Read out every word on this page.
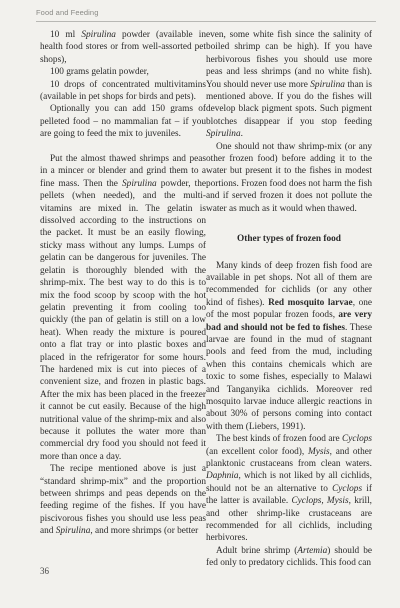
Food and Feeding

10 ml Spirulina powder (available in health food stores or from well-assorted pet shops),

100 grams gelatin powder,

10 drops of concentrated multivitamins (available in pet shops for birds and pets).

Optionally you can add 150 grams of pelleted food – no mammalian fat – if you are going to feed the mix to juveniles.

Put the almost thawed shrimps and peas in a mincer or blender and grind them to a fine mass. Then the Spirulina powder, the pellets (when needed), and the multi-vitamins are mixed in. The gelatin is dissolved according to the instructions on the packet. It must be an easily flowing, sticky mass without any lumps. Lumps of gelatin can be dangerous for juveniles. The gelatin is thoroughly blended with the shrimp-mix. The best way to do this is to mix the food scoop by scoop with the hot gelatin preventing it from cooling too quickly (the pan of gelatin is still on a low heat). When ready the mixture is poured onto a flat tray or into plastic boxes and placed in the refrigerator for some hours. The hardened mix is cut into pieces of a convenient size, and frozen in plastic bags. After the mix has been placed in the freezer it cannot be cut easily. Because of the high nutritional value of the shrimp-mix and also because it pollutes the water more than commercial dry food you should not feed it more than once a day.

The recipe mentioned above is just a “standard shrimp-mix” and the proportion between shrimps and peas depends on the feeding regime of the fishes. If you have piscivorous fishes you should use less peas and Spirulina, and more shrimps (or better

even, some white fish since the salinity of boiled shrimp can be high). If you have herbivorous fishes you should use more peas and less shrimps (and no white fish). You should never use more Spirulina than is mentioned above. If you do the fishes will develop black pigment spots. Such pigment blotches disappear if you stop feeding Spirulina.

One should not thaw shrimp-mix (or any other frozen food) before adding it to the water but present it to the fishes in modest portions. Frozen food does not harm the fish and if served frozen it does not pollute the water as much as it would when thawed.

Other types of frozen food

Many kinds of deep frozen fish food are available in pet shops. Not all of them are recommended for cichlids (or any other kind of fishes). Red mosquito larvae, one of the most popular frozen foods, are very bad and should not be fed to fishes. These larvae are found in the mud of stagnant pools and feed from the mud, including when this contains chemicals which are toxic to some fishes, especially to Malawi and Tanganyika cichlids. Moreover red mosquito larvae induce allergic reactions in about 30% of persons coming into contact with them (Liebers, 1991).

The best kinds of frozen food are Cyclops (an excellent color food), Mysis, and other planktonic crustaceans from clean waters. Daphnia, which is not liked by all cichlids, should not be an alternative to Cyclops if the latter is available. Cyclops, Mysis, krill, and other shrimp-like crustaceans are recommended for all cichlids, including herbivores.

Adult brine shrimp (Artemia) should be fed only to predatory cichlids. This food can

36
